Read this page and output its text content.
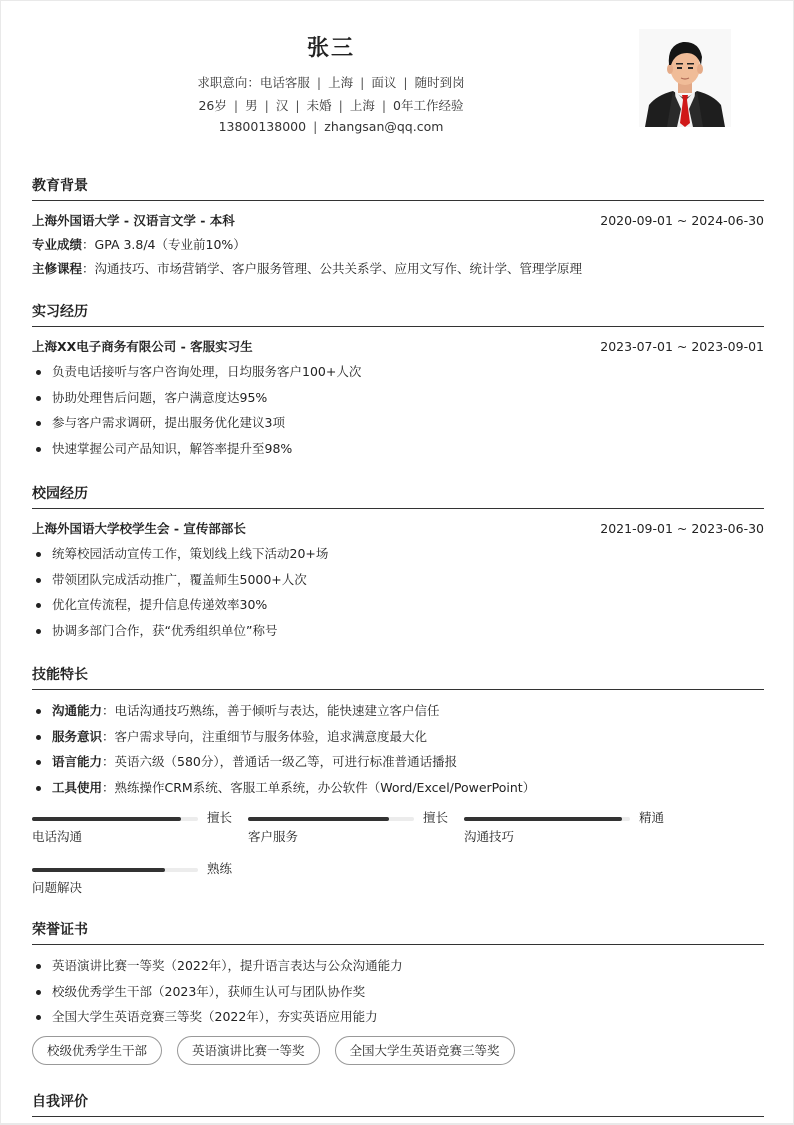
张三
求职意向：电话客服 | 上海 | 面议 | 随时到岗
26岁 | 男 | 汉 | 未婚 | 上海 | 0年工作经验
13800138000 | zhangsan@qq.com
教育背景
上海外国语大学 - 汉语言文学 - 本科	2020-09-01 ~ 2024-06-30
专业成绩：GPA 3.8/4（专业前10%）
主修课程：沟通技巧、市场营销学、客户服务管理、公共关系学、应用文写作、统计学、管理学原理
实习经历
上海XX电子商务有限公司 - 客服实习生	2023-07-01 ~ 2023-09-01
负责电话接听与客户咨询处理，日均服务客户100+人次
协助处理售后问题，客户满意度达95%
参与客户需求调研，提出服务优化建议3项
快速掌握公司产品知识，解答率提升至98%
校园经历
上海外国语大学校学生会 - 宣传部部长	2021-09-01 ~ 2023-06-30
统筹校园活动宣传工作，策划线上线下活动20+场
带领团队完成活动推广，覆盖师生5000+人次
优化宣传流程，提升信息传递效率30%
协调多部门合作，获“优秀组织单位”称号
技能特长
沟通能力：电话沟通技巧熟练，善于倾听与表达，能快速建立客户信任
服务意识：客户需求导向，注重细节与服务体验，追求满意度最大化
语言能力：英语六级（580分），普通话一级乙等，可进行标准普通话播报
工具使用：熟练操作CRM系统、客服工单系统，办公软件（Word/Excel/PowerPoint）
擅长
电话沟通
擅长
客户服务
精通
沟通技巧
熟练
问题解决
荣誉证书
英语演讲比赛一等奖（2022年），提升语言表达与公众沟通能力
校级优秀学生干部（2023年），获师生认可与团队协作奖
全国大学生英语竞赛三等奖（2022年），夯实英语应用能力
校级优秀学生干部	英语演讲比赛一等奖	全国大学生英语竞赛三等奖
自我评价
